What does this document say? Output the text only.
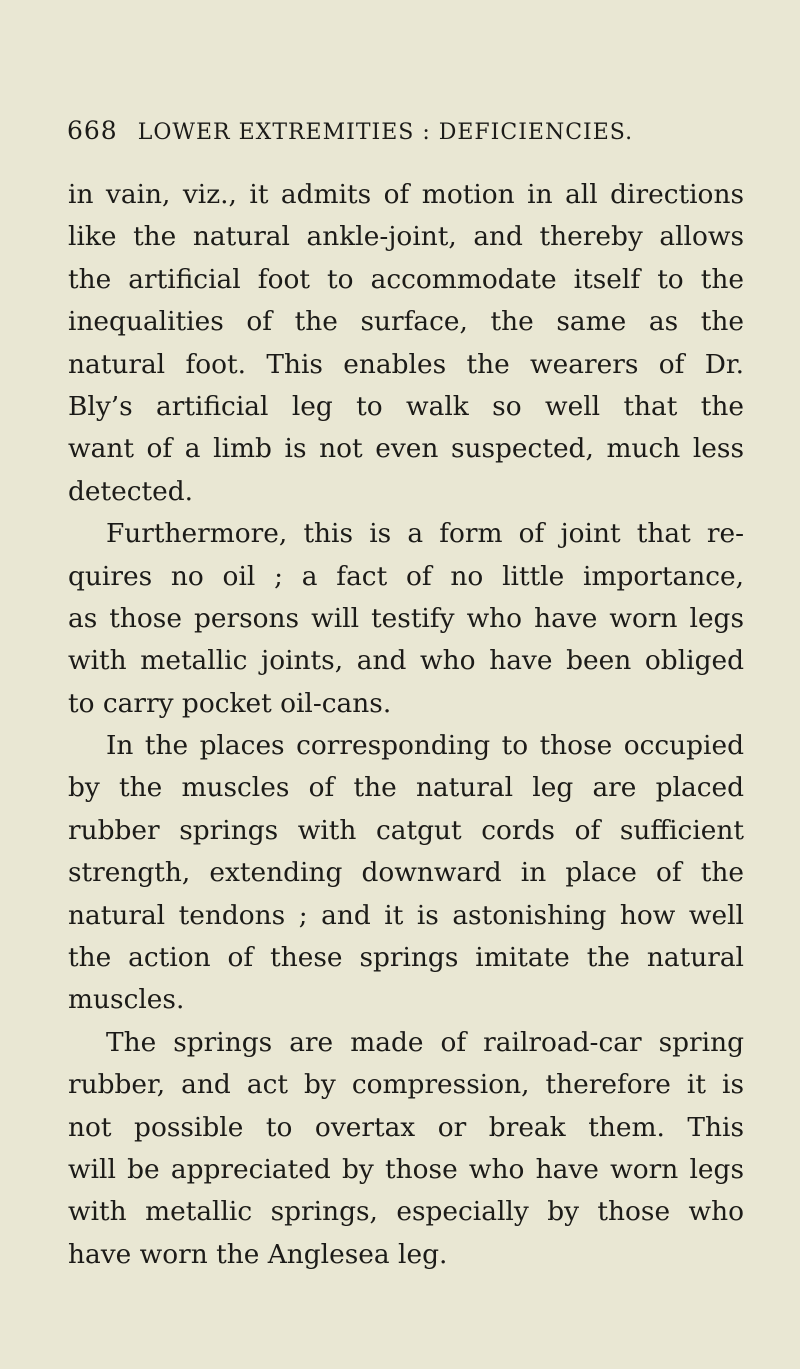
668 LOWER EXTREMITIES : DEFICIENCIES.
in vain, viz., it admits of motion in all directions
like the natural ankle-joint, and thereby allows
the artificial foot to accommodate itself to the
inequalities of the surface, the same as the
natural foot. This enables the wearers of Dr.
Bly’s artificial leg to walk so well that the
want of a limb is not even suspected, much less
detected.
Furthermore, this is a form of joint that re-
quires no oil ; a fact of no little importance,
as those persons will testify who have worn legs
with metallic joints, and who have been obliged
to carry pocket oil-cans.
In the places corresponding to those occupied
by the muscles of the natural leg are placed
rubber springs with catgut cords of sufficient
strength, extending downward in place of the
natural tendons ; and it is astonishing how well
the action of these springs imitate the natural
muscles.
The springs are made of railroad-car spring
rubber, and act by compression, therefore it is
not possible to overtax or break them. This
will be appreciated by those who have worn legs
with metallic springs, especially by those who
have worn the Anglesea leg.
